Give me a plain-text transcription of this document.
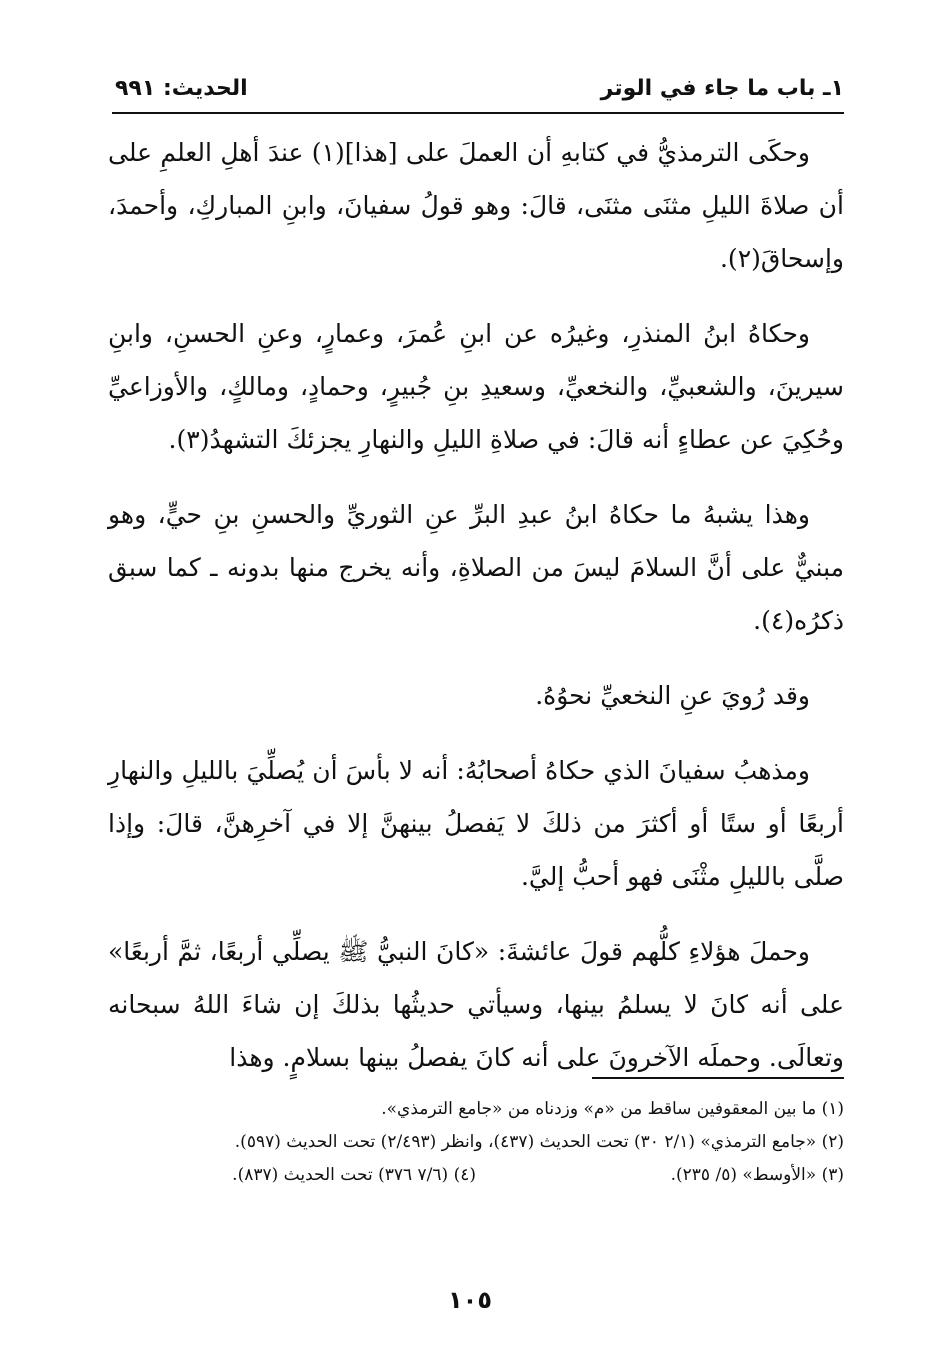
١ـ باب ما جاء في الوتر
الحديث: ٩٩١

وحكَى الترمذيُّ في كتابهِ أن العملَ على [هذا](١) عندَ أهلِ العلمِ على أن صلاةَ الليلِ مثنَى مثنَى، قالَ: وهو قولُ سفيانَ، وابنِ المباركِ، وأحمدَ، وإسحاقَ(٢).

وحكاهُ ابنُ المنذرِ، وغيرُه عن ابنِ عُمرَ، وعمارٍ، وعنِ الحسنِ، وابنِ سيرينَ، والشعبيِّ، والنخعيِّ، وسعيدِ بنِ جُبيرٍ، وحمادٍ، ومالكٍ، والأوزاعيِّ وحُكِيَ عن عطاءٍ أنه قالَ: في صلاةِ الليلِ والنهارِ يجزئكَ التشهدُ(٣).

وهذا يشبهُ ما حكاهُ ابنُ عبدِ البرِّ عنِ الثوريِّ والحسنِ بنِ حيٍّ، وهو مبنيٌّ على أنَّ السلامَ ليسَ من الصلاةِ، وأنه يخرج منها بدونه ـ كما سبق ذكرُه(٤).

وقد رُويَ عنِ النخعيِّ نحوُهُ.

ومذهبُ سفيانَ الذي حكاهُ أصحابُهُ: أنه لا بأسَ أن يُصلِّيَ بالليلِ والنهارِ أربعًا أو ستًا أو أكثرَ من ذلكَ لا يَفصلُ بينهنَّ إلا في آخرِهنَّ، قالَ: وإذا صلَّى بالليلِ مثْنَى فهو أحبُّ إليَّ.

وحملَ هؤلاءِ كلُّهم قولَ عائشةَ: «كانَ النبيُّ ﷺ يصلِّي أربعًا، ثمَّ أربعًا» على أنه كانَ لا يسلمُ بينها، وسيأتي حديثُها بذلكَ إن شاءَ اللهُ سبحانه وتعالَى. وحملَه الآخرونَ على أنه كانَ يفصلُ بينها بسلامٍ. وهذا

(١) ما بين المعقوفين ساقط من «م» وزدناه من «جامع الترمذي».

(٢) «جامع الترمذي» (٢/١ ٣٠) تحت الحديث (٤٣٧)، وانظر (٢/٤٩٣) تحت الحديث (٥٩٧).

(٣) «الأوسط» (٥/ ٢٣٥).
(٤) (٧/٦ ٣٧٦) تحت الحديث (٨٣٧).
١٠٥
